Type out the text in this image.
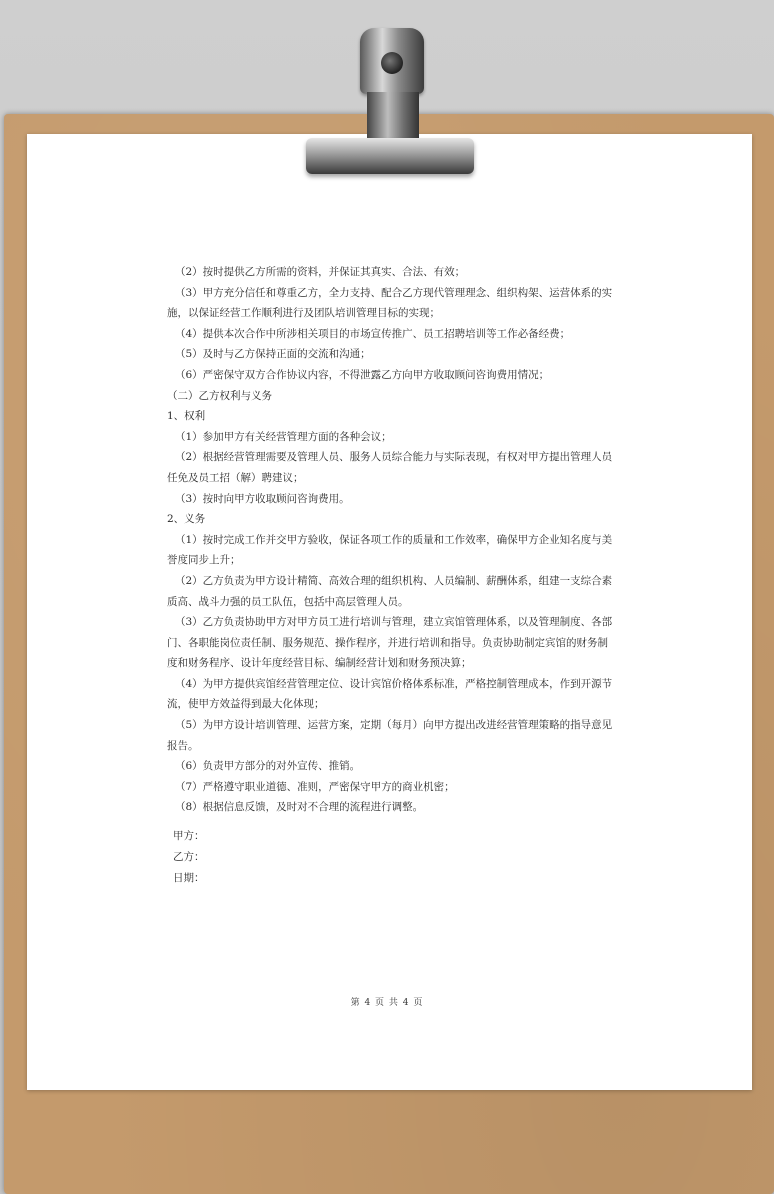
（2）按时提供乙方所需的资料，并保证其真实、合法、有效；

（3）甲方充分信任和尊重乙方，全力支持、配合乙方现代管理理念、组织构架、运营体系的实

施，以保证经营工作顺利进行及团队培训管理目标的实现；

（4）提供本次合作中所涉相关项目的市场宣传推广、员工招聘培训等工作必备经费；

（5）及时与乙方保持正面的交流和沟通；

（6）严密保守双方合作协议内容，不得泄露乙方向甲方收取顾问咨询费用情况；

（二）乙方权利与义务

1、权利

（1）参加甲方有关经营管理方面的各种会议；

（2）根据经营管理需要及管理人员、服务人员综合能力与实际表现，有权对甲方提出管理人员

任免及员工招（解）聘建议；

（3）按时向甲方收取顾问咨询费用。

2、义务

（1）按时完成工作并交甲方验收，保证各项工作的质量和工作效率，确保甲方企业知名度与美

誉度同步上升；

（2）乙方负责为甲方设计精简、高效合理的组织机构、人员编制、薪酬体系，组建一支综合素

质高、战斗力强的员工队伍，包括中高层管理人员。

（3）乙方负责协助甲方对甲方员工进行培训与管理，建立宾馆管理体系，以及管理制度、各部

门、各职能岗位责任制、服务规范、操作程序，并进行培训和指导。负责协助制定宾馆的财务制

度和财务程序、设计年度经营目标、编制经营计划和财务预决算；

（4）为甲方提供宾馆经营管理定位、设计宾馆价格体系标准，严格控制管理成本，作到开源节

流，使甲方效益得到最大化体现；

（5）为甲方设计培训管理、运营方案，定期（每月）向甲方提出改进经营管理策略的指导意见

报告。

（6）负责甲方部分的对外宣传、推销。

（7）严格遵守职业道德、准则，严密保守甲方的商业机密；

（8）根据信息反馈，及时对不合理的流程进行调整。

甲方：

乙方：

日期：

第 4 页 共 4 页
